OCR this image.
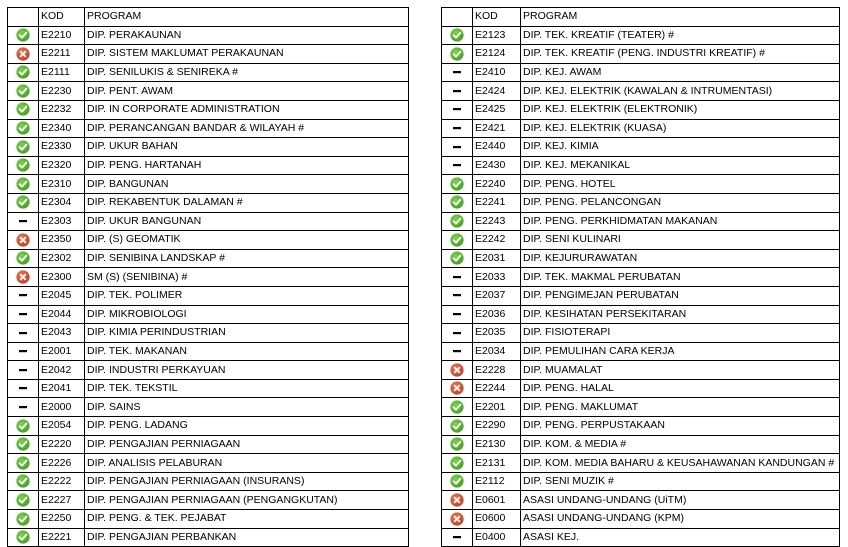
	KOD	PROGRAM

	E2210	DIP. PERAKAUNAN

	E2211	DIP. SISTEM MAKLUMAT PERAKAUNAN

	E2111	DIP. SENILUKIS & SENIREKA #

	E2230	DIP. PENT. AWAM

	E2232	DIP. IN CORPORATE ADMINISTRATION

	E2340	DIP. PERANCANGAN BANDAR & WILAYAH #

	E2330	DIP. UKUR BAHAN

	E2320	DIP. PENG. HARTANAH

	E2310	DIP. BANGUNAN

	E2304	DIP. REKABENTUK DALAMAN #

	E2303	DIP. UKUR BANGUNAN

	E2350	DIP. (S) GEOMATIK

	E2302	DIP. SENIBINA LANDSKAP #

	E2300	SM (S) (SENIBINA) #

	E2045	DIP. TEK. POLIMER

	E2044	DIP. MIKROBIOLOGI

	E2043	DIP. KIMIA PERINDUSTRIAN

	E2001	DIP. TEK. MAKANAN

	E2042	DIP. INDUSTRI PERKAYUAN

	E2041	DIP. TEK. TEKSTIL

	E2000	DIP. SAINS

	E2054	DIP. PENG. LADANG

	E2220	DIP. PENGAJIAN PERNIAGAAN

	E2226	DIP. ANALISIS PELABURAN

	E2222	DIP. PENGAJIAN PERNIAGAAN (INSURANS)

	E2227	DIP. PENGAJIAN PERNIAGAAN (PENGANGKUTAN)

	E2250	DIP. PENG. & TEK. PEJABAT

	E2221	DIP. PENGAJIAN PERBANKAN
	KOD	PROGRAM

	E2123	DIP. TEK. KREATIF (TEATER) #

	E2124	DIP. TEK. KREATIF (PENG. INDUSTRI KREATIF) #

	E2410	DIP. KEJ. AWAM

	E2424	DIP. KEJ. ELEKTRIK (KAWALAN & INTRUMENTASI)

	E2425	DIP. KEJ. ELEKTRIK (ELEKTRONIK)

	E2421	DIP. KEJ. ELEKTRIK (KUASA)

	E2440	DIP. KEJ. KIMIA

	E2430	DIP. KEJ. MEKANIKAL

	E2240	DIP. PENG. HOTEL

	E2241	DIP. PENG. PELANCONGAN

	E2243	DIP. PENG. PERKHIDMATAN MAKANAN

	E2242	DIP. SENI KULINARI

	E2031	DIP. KEJURURAWATAN

	E2033	DIP. TEK. MAKMAL PERUBATAN

	E2037	DIP. PENGIMEJAN PERUBATAN

	E2036	DIP. KESIHATAN PERSEKITARAN

	E2035	DIP. FISIOTERAPI

	E2034	DIP. PEMULIHAN CARA KERJA

	E2228	DIP. MUAMALAT

	E2244	DIP. PENG. HALAL

	E2201	DIP. PENG. MAKLUMAT

	E2290	DIP. PENG. PERPUSTAKAAN

	E2130	DIP. KOM. & MEDIA #

	E2131	DIP. KOM. MEDIA BAHARU & KEUSAHAWANAN KANDUNGAN #

	E2112	DIP. SENI MUZIK #

	E0601	ASASI UNDANG-UNDANG (UiTM)

	E0600	ASASI UNDANG-UNDANG (KPM)

	E0400	ASASI KEJ.
